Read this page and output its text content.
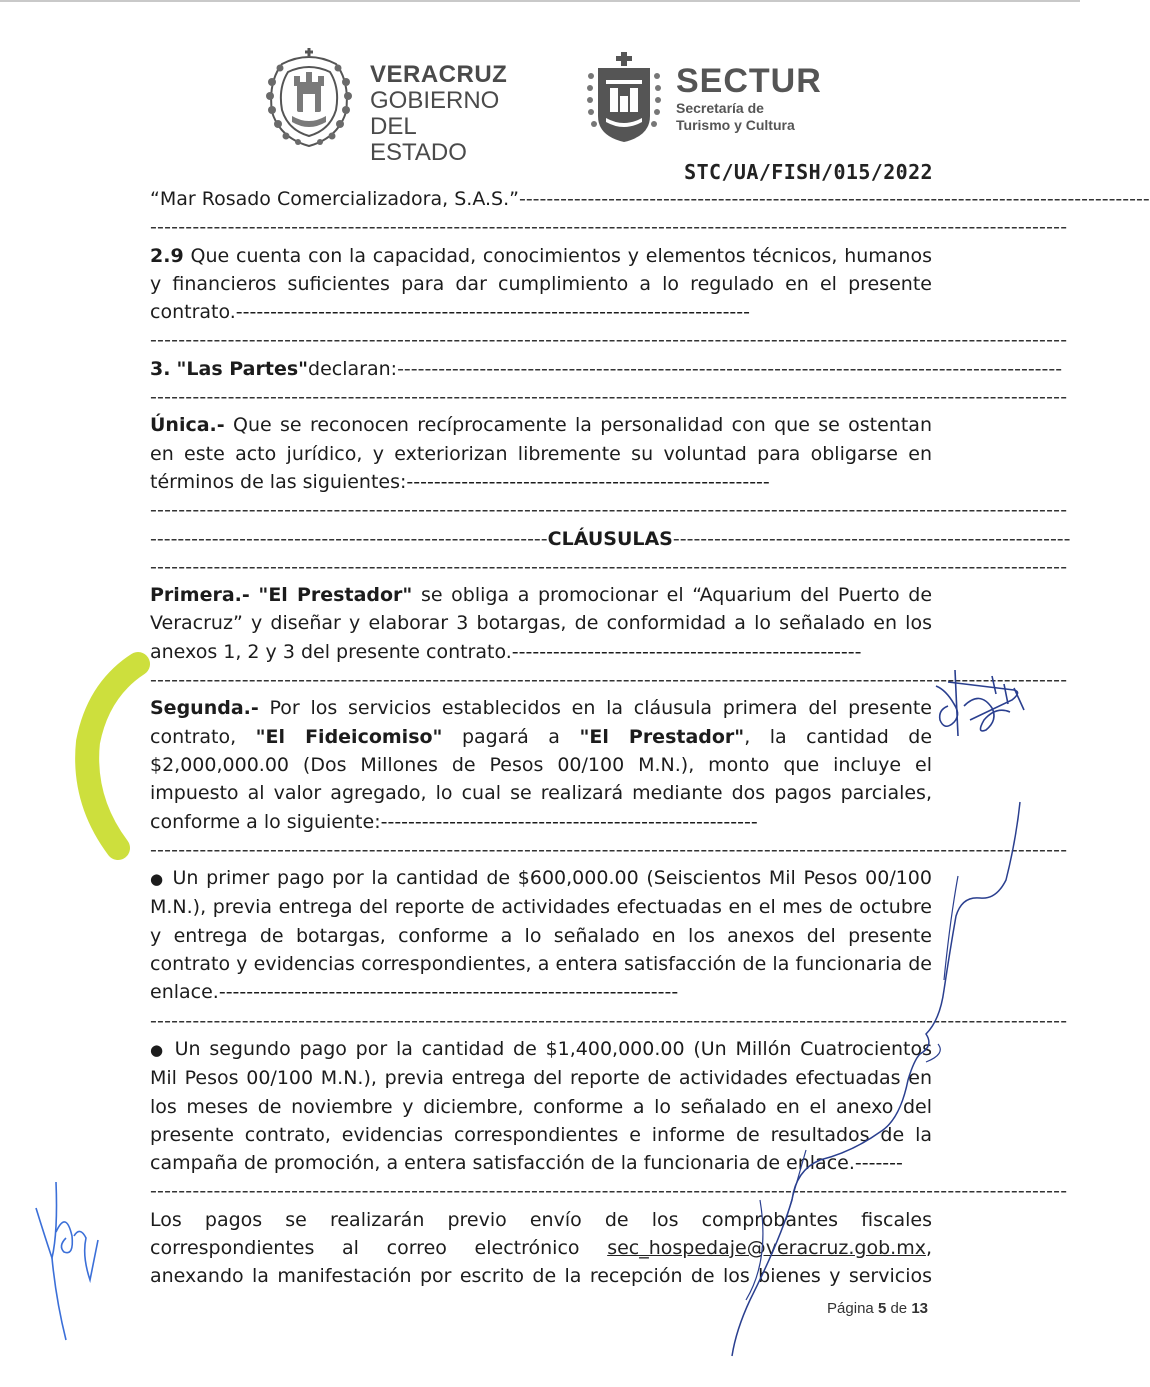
VERACRUZ
GOBIERNO
DEL ESTADO
SECTUR
Secretaría de
Turismo y Cultura
STC/UA/FISH/015/2022
“Mar Rosado Comercializadora, S.A.S.” --------------------------------------------------------------------------------------------
----------------------------------------------------------------------------------------------------------------------------------

2.9 Que cuenta con la capacidad, conocimientos y elementos técnicos, humanos y financieros suficientes para dar cumplimiento a lo regulado en el presente contrato.---------------------------------------------------------------------------

----------------------------------------------------------------------------------------------------------------------------------
3.
"Las Partes" declaran: -------------------------------------------------------------------------------------------------
----------------------------------------------------------------------------------------------------------------------------------

Única.- Que se reconocen recíprocamente la personalidad con que se ostentan en este acto jurídico, y exteriorizan libremente su voluntad para obligarse en términos de las siguientes:-----------------------------------------------------

----------------------------------------------------------------------------------------------------------------------------------
---------------------------------------------------------- CLÁUSULAS ----------------------------------------------------------
----------------------------------------------------------------------------------------------------------------------------------

Primera.- "El Prestador" se obliga a promocionar el “Aquarium del Puerto de Veracruz” y diseñar y elaborar 3 botargas, de conformidad a lo señalado en los anexos 1, 2 y 3 del presente contrato.---------------------------------------------------

----------------------------------------------------------------------------------------------------------------------------------

Segunda.- Por los servicios establecidos en la cláusula primera del presente contrato, "El Fideicomiso" pagará a "El Prestador", la cantidad de $2,000,000.00 (Dos Millones de Pesos 00/100 M.N.), monto que incluye el impuesto al valor agregado, lo cual se realizará mediante dos pagos parciales, conforme a lo siguiente:-------------------------------------------------------

----------------------------------------------------------------------------------------------------------------------------------

● Un primer pago por la cantidad de $600,000.00 (Seiscientos Mil Pesos 00/100 M.N.), previa entrega del reporte de actividades efectuadas en el mes de octubre y entrega de botargas, conforme a lo señalado en los anexos del presente contrato y evidencias correspondientes, a entera satisfacción de la funcionaria de enlace.-------------------------------------------------------------------

----------------------------------------------------------------------------------------------------------------------------------

● Un segundo pago por la cantidad de $1,400,000.00 (Un Millón Cuatrocientos Mil Pesos 00/100 M.N.), previa entrega del reporte de actividades efectuadas en los meses de noviembre y diciembre, conforme a lo señalado en el anexo del presente contrato, evidencias correspondientes e informe de resultados de la campaña de promoción, a entera satisfacción de la funcionaria de enlace.-------

----------------------------------------------------------------------------------------------------------------------------------

Los pagos se realizarán previo envío de los comprobantes fiscales correspondientes al correo electrónico sec_hospedaje@veracruz.gob.mx, anexando la manifestación por escrito de la recepción de los bienes y servicios

Página 5 de 13
